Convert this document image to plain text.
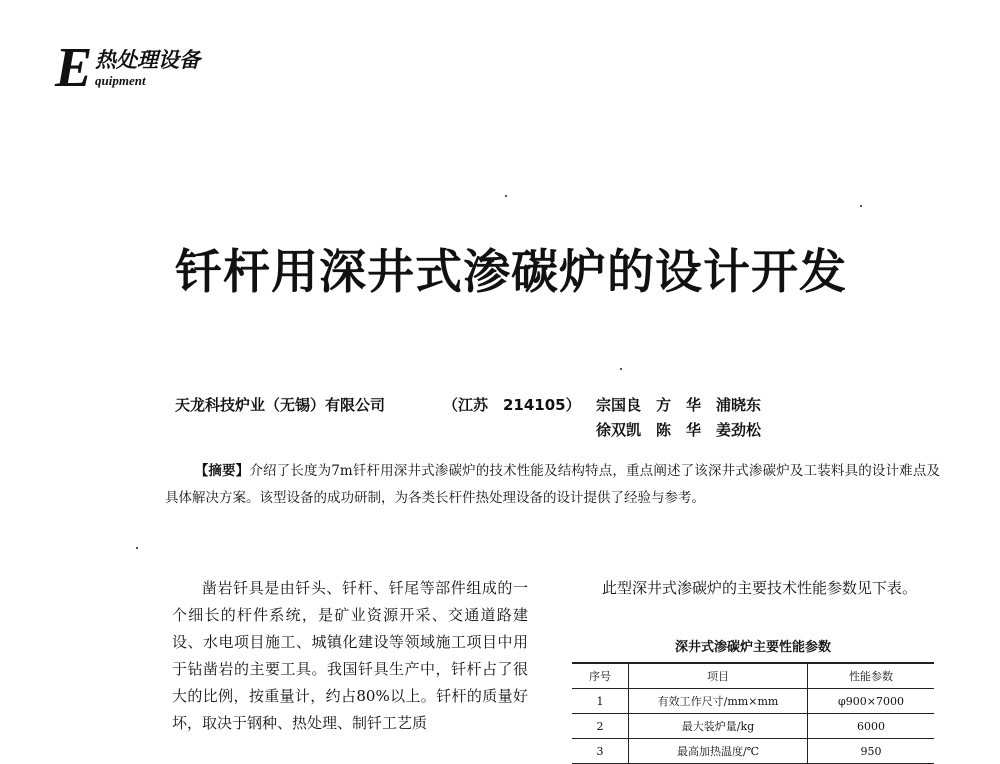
E 热处理设备
quipment
钎杆用深井式渗碳炉的设计开发
天龙科技炉业（无锡）有限公司	（江苏　214105） 宗国良　方　华　浦晓东
徐双凯　陈　华　姜劲松
【摘要】介绍了长度为7m钎杆用深井式渗碳炉的技术性能及结构特点，重点阐述了该深井式渗碳炉及工装料具的设计难点及具体解决方案。该型设备的成功研制，为各类长杆件热处理设备的设计提供了经验与参考。
凿岩钎具是由钎头、钎杆、钎尾等部件组成的一个细长的杆件系统，是矿业资源开采、交通道路建设、水电项目施工、城镇化建设等领域施工项目中用于钻凿岩的主要工具。我国钎具生产中，钎杆占了很大的比例，按重量计，约占80%以上。钎杆的质量好坏，取决于钢种、热处理、制钎工艺质
此型深井式渗碳炉的主要技术性能参数见下表。
深井式渗碳炉主要性能参数
序号	项目	性能参数
1	有效工作尺寸/mm×mm	φ900×7000
2	最大装炉量/kg	6000
3	最高加热温度/℃	950
